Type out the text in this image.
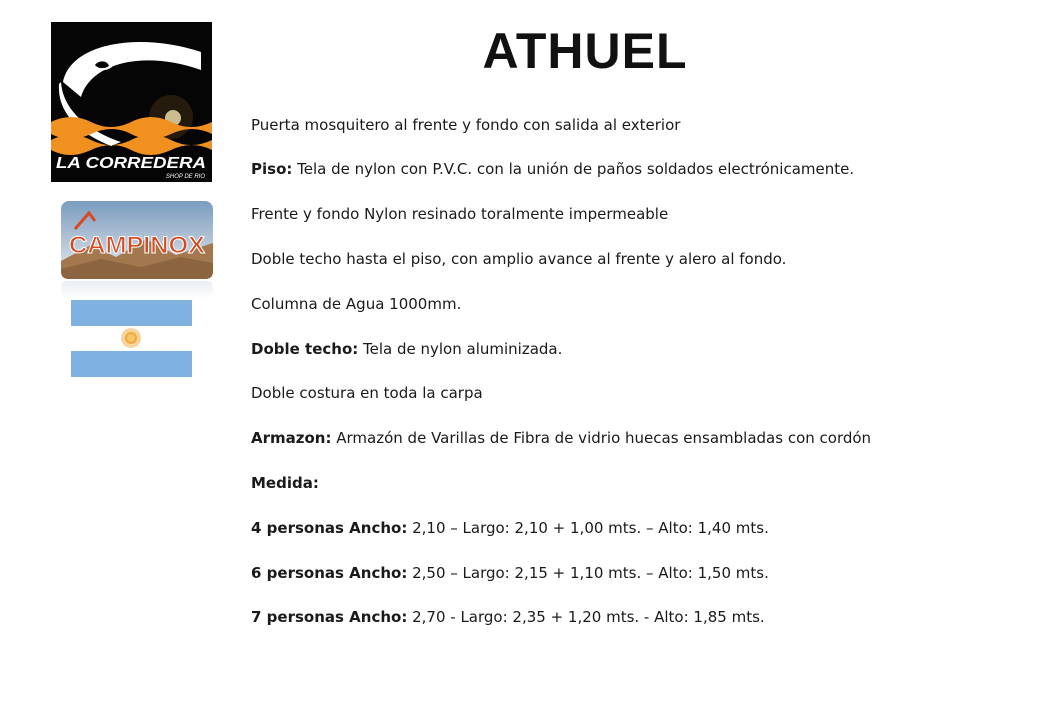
ATHUEL
LA CORREDERA
SHOP DE RIO
CAMPINOX
Puerta mosquitero al frente y fondo con salida al exterior
Piso: Tela de nylon con P.V.C. con la unión de paños soldados electrónicamente.
Frente y fondo Nylon resinado toralmente impermeable
Doble techo hasta el piso, con amplio avance al frente y alero al fondo.
Columna de Agua 1000mm.
Doble techo: Tela de nylon aluminizada.
Doble costura en toda la carpa
Armazon: Armazón de Varillas de Fibra de vidrio huecas ensambladas con cordón
Medida:
4 personas Ancho: 2,10 – Largo: 2,10 + 1,00 mts. – Alto: 1,40 mts.
6 personas Ancho: 2,50 – Largo: 2,15 + 1,10 mts. – Alto: 1,50 mts.
7 personas Ancho: 2,70 - Largo: 2,35 + 1,20 mts. - Alto: 1,85 mts.
